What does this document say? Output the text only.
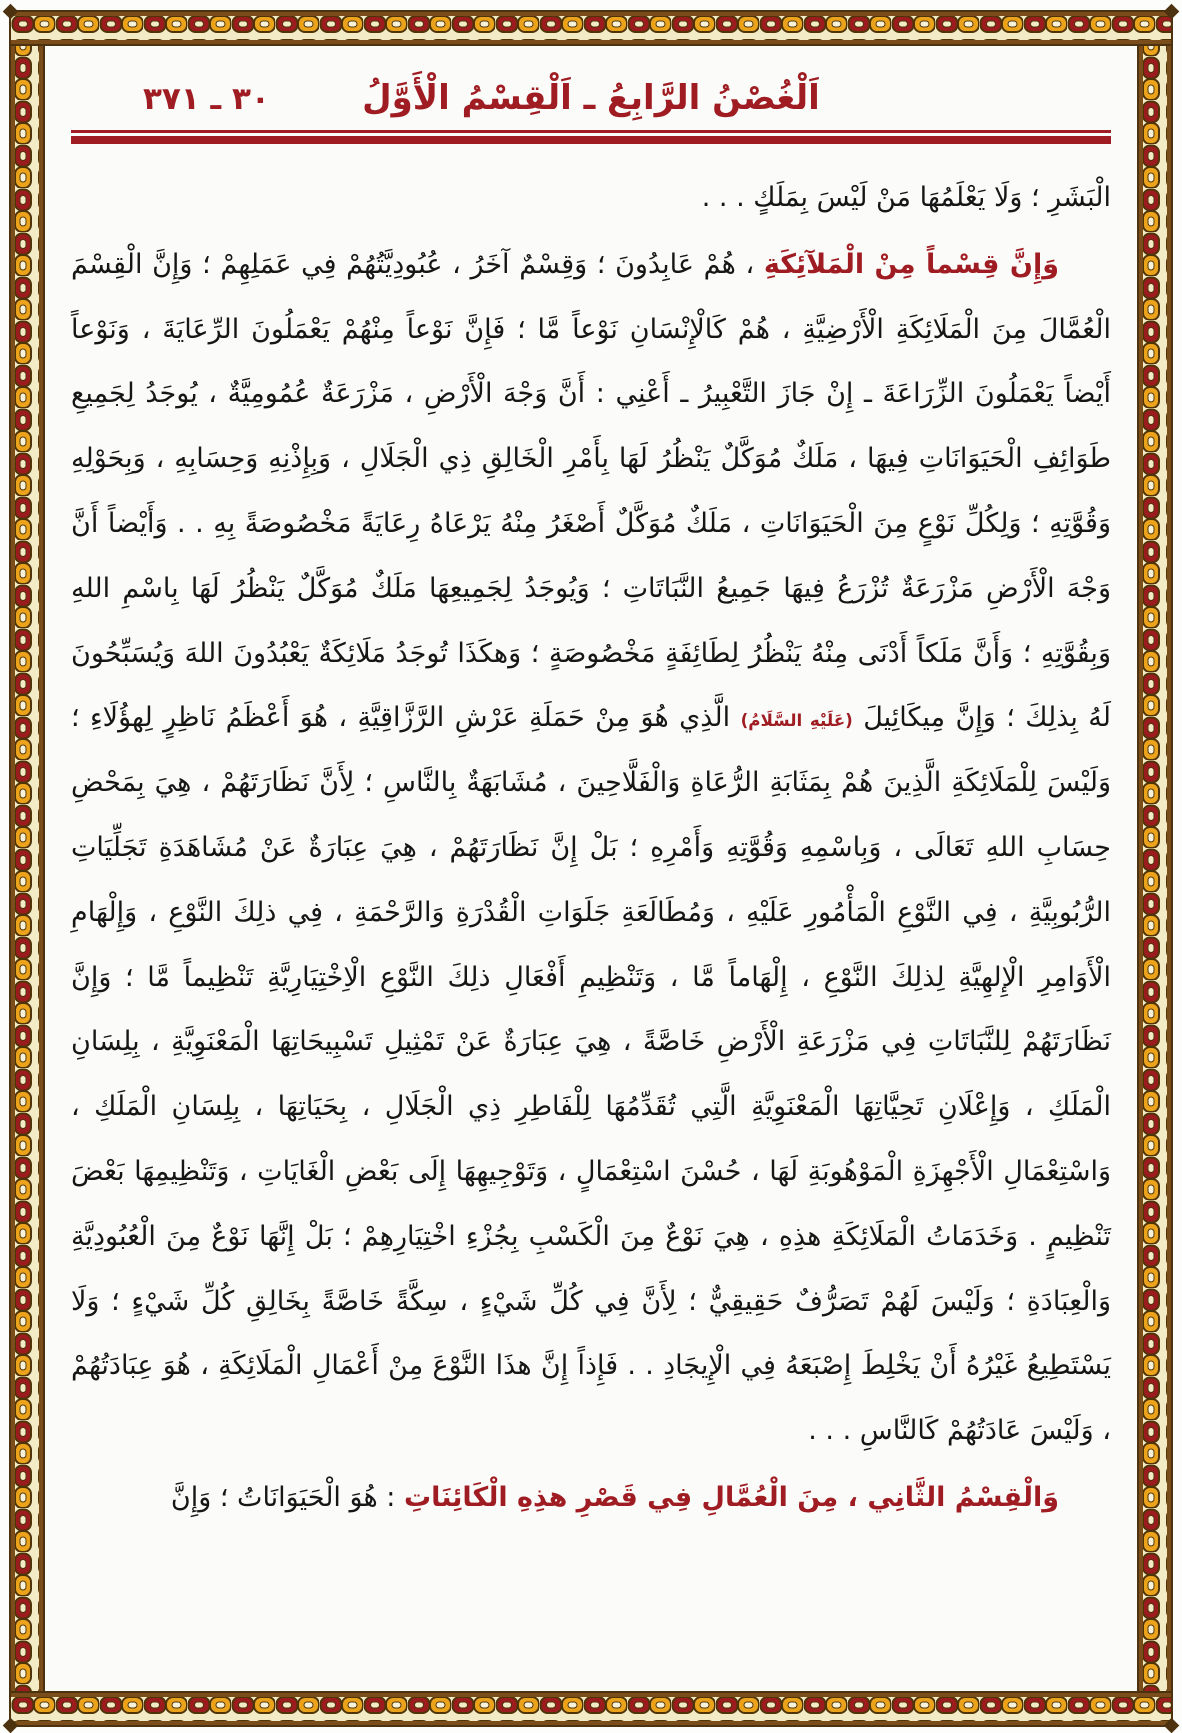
٣٠ ـ ٣٧١	اَلْغُصْنُ الرَّابِعُ ـ اَلْقِسْمُ الْأَوَّلُ
الْبَشَرِ ؛ وَلَا يَعْلَمُهَا مَنْ لَيْسَ بِمَلَكٍ . . .
وَإِنَّ قِسْماً مِنْ الْمَلآئِكَةِ ، هُمْ عَابِدُونَ ؛ وَقِسْمٌ آخَرُ ، عُبُودِيَّتُهُمْ فِي عَمَلِهِمْ ؛ وَإِنَّ الْقِسْمَ الْعُمَّالَ مِنَ الْمَلَائِكَةِ الْأَرْضِيَّةِ ، هُمْ كَالْإِنْسَانِ نَوْعاً مَّا ؛ فَإِنَّ نَوْعاً مِنْهُمْ يَعْمَلُونَ الرِّعَايَةَ ، وَنَوْعاً أَيْضاً يَعْمَلُونَ الزِّرَاعَةَ ـ إِنْ جَازَ التَّعْبِيرُ ـ أَعْنِي : أَنَّ وَجْهَ الْأَرْضِ ، مَزْرَعَةٌ عُمُومِيَّةٌ ، يُوجَدُ لِجَمِيعِ طَوَائِفِ الْحَيَوَانَاتِ فِيهَا ، مَلَكٌ مُوَكَّلٌ يَنْظُرُ لَهَا بِأَمْرِ الْخَالِقِ ذِي الْجَلَالِ ، وَبِإِذْنِهِ وَحِسَابِهِ ، وَبِحَوْلِهِ وَقُوَّتِهِ ؛ وَلِكُلِّ نَوْعٍ مِنَ الْحَيَوَانَاتِ ، مَلَكٌ مُوَكَّلٌ أَصْغَرُ مِنْهُ يَرْعَاهُ رِعَايَةً مَخْصُوصَةً بِهِ . . وَأَيْضاً أَنَّ وَجْهَ الْأَرْضِ مَزْرَعَةٌ تُزْرَعُ فِيهَا جَمِيعُ النَّبَاتَاتِ ؛ وَيُوجَدُ لِجَمِيعِهَا مَلَكٌ مُوَكَّلٌ يَنْظُرُ لَهَا بِاسْمِ اللهِ وَبِقُوَّتِهِ ؛ وَأَنَّ مَلَكاً أَدْنَى مِنْهُ يَنْظُرُ لِطَائِفَةٍ مَخْصُوصَةٍ ؛ وَهكَذَا تُوجَدُ مَلَائِكَةٌ يَعْبُدُونَ اللهَ وَيُسَبِّحُونَ لَهُ بِذلِكَ ؛ وَإِنَّ مِيكَائِيلَ (عَلَيْهِ السَّلَامُ) الَّذِي هُوَ مِنْ حَمَلَةِ عَرْشِ الرَّزَّاقِيَّةِ ، هُوَ أَعْظَمُ نَاظِرٍ لِهؤُلَاءِ ؛ وَلَيْسَ لِلْمَلَائِكَةِ الَّذِينَ هُمْ بِمَثَابَةِ الرُّعَاةِ وَالْفَلَّاحِينَ ، مُشَابَهَةٌ بِالنَّاسِ ؛ لِأَنَّ نَظَارَتَهُمْ ، هِيَ بِمَحْضِ حِسَابِ اللهِ تَعَالَى ، وَبِاسْمِهِ وَقُوَّتِهِ وَأَمْرِهِ ؛ بَلْ إِنَّ نَظَارَتَهُمْ ، هِيَ عِبَارَةٌ عَنْ مُشَاهَدَةِ تَجَلِّيَاتِ الرُّبُوبِيَّةِ ، فِي النَّوْعِ الْمَأْمُورِ عَلَيْهِ ، وَمُطَالَعَةِ جَلَوَاتِ الْقُدْرَةِ وَالرَّحْمَةِ ، فِي ذلِكَ النَّوْعِ ، وَإِلْهَامِ الْأَوَامِرِ الْإِلهِيَّةِ لِذلِكَ النَّوْعِ ، إِلْهَاماً مَّا ، وَتَنْظِيمِ أَفْعَالِ ذلِكَ النَّوْعِ الْاِخْتِيَارِيَّةِ تَنْظِيماً مَّا ؛ وَإِنَّ نَظَارَتَهُمْ لِلنَّبَاتَاتِ فِي مَزْرَعَةِ الْأَرْضِ خَاصَّةً ، هِيَ عِبَارَةٌ عَنْ تَمْثِيلِ تَسْبِيحَاتِهَا الْمَعْنَوِيَّةِ ، بِلِسَانِ الْمَلَكِ ، وَإِعْلَانِ تَحِيَّاتِهَا الْمَعْنَوِيَّةِ الَّتِي تُقَدِّمُهَا لِلْفَاطِرِ ذِي الْجَلَالِ ، بِحَيَاتِهَا ، بِلِسَانِ الْمَلَكِ ، وَاسْتِعْمَالِ الْأَجْهِزَةِ الْمَوْهُوبَةِ لَهَا ، حُسْنَ اسْتِعْمَالٍ ، وَتَوْجِيهِهَا إِلَى بَعْضِ الْغَايَاتِ ، وَتَنْظِيمِهَا بَعْضَ تَنْظِيمٍ . وَخَدَمَاتُ الْمَلَائِكَةِ هذِهِ ، هِيَ نَوْعٌ مِنَ الْكَسْبِ بِجُزْءِ اخْتِيَارِهِمْ ؛ بَلْ إِنَّهَا نَوْعٌ مِنَ الْعُبُودِيَّةِ وَالْعِبَادَةِ ؛ وَلَيْسَ لَهُمْ تَصَرُّفٌ حَقِيقِيٌّ ؛ لِأَنَّ فِي كُلِّ شَيْءٍ ، سِكَّةً خَاصَّةً بِخَالِقِ كُلِّ شَيْءٍ ؛ وَلَا يَسْتَطِيعُ غَيْرُهُ أَنْ يَخْلِطَ إِصْبَعَهُ فِي الْإِيجَادِ . . فَإِذاً إِنَّ هذَا النَّوْعَ مِنْ أَعْمَالِ الْمَلَائِكَةِ ، هُوَ عِبَادَتُهُمْ ، وَلَيْسَ عَادَتُهُمْ كَالنَّاسِ . . .
وَالْقِسْمُ الثَّانِي ، مِنَ الْعُمَّالِ فِي قَصْرِ هذِهِ الْكَائِنَاتِ : هُوَ الْحَيَوَانَاتُ ؛ وَإِنَّ
